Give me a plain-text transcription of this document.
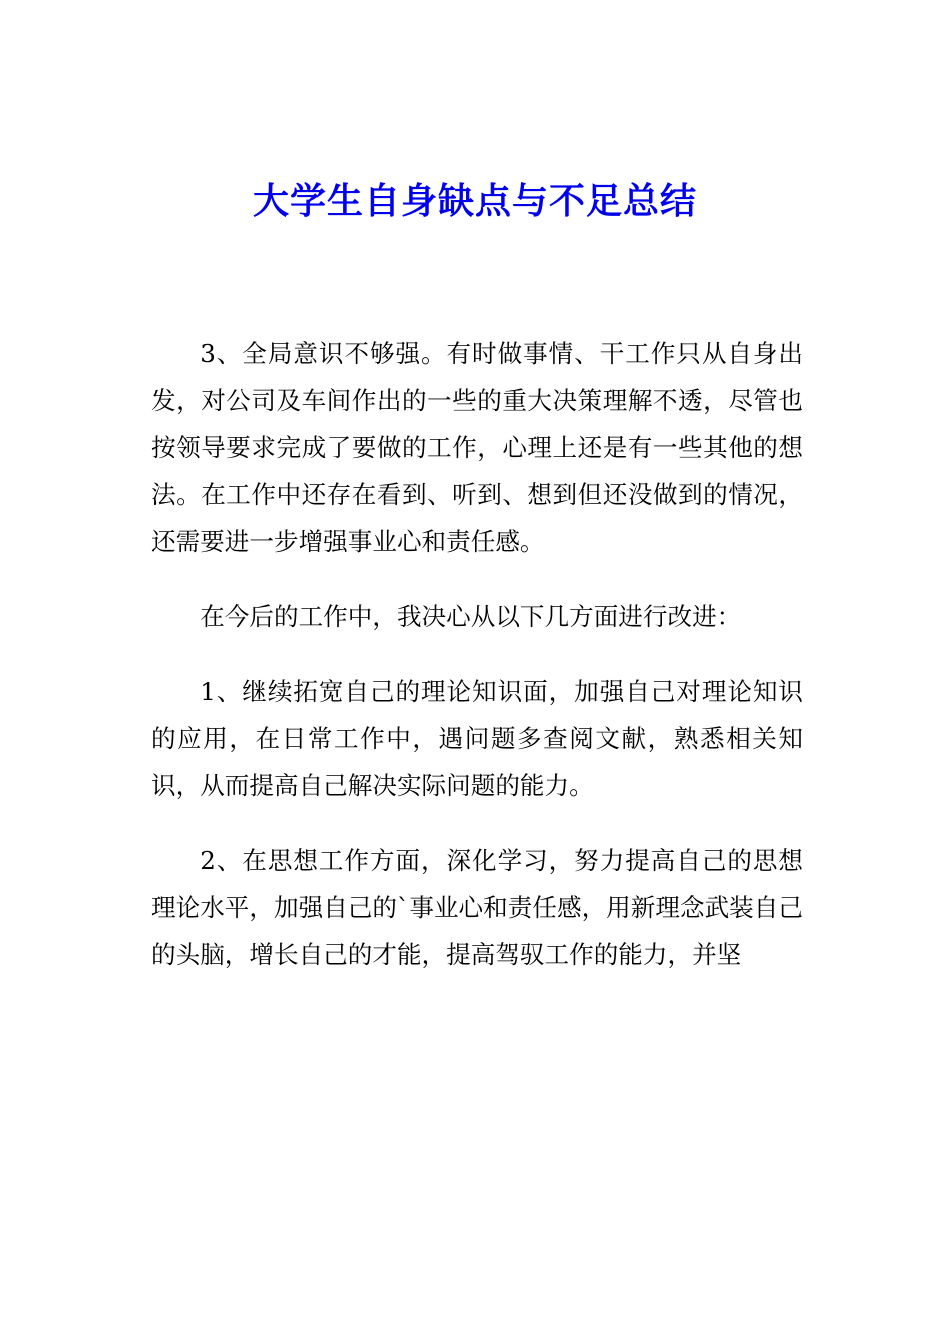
大学生自身缺点与不足总结

3、全局意识不够强。有时做事情、干工作只从自身出发，对公司及车间作出的一些的重大决策理解不透，尽管也按领导要求完成了要做的工作，心理上还是有一些其他的想法。在工作中还存在看到、听到、想到但还没做到的情况，还需要进一步增强事业心和责任感。

在今后的工作中，我决心从以下几方面进行改进：

1、继续拓宽自己的理论知识面，加强自己对理论知识的应用，在日常工作中，遇问题多查阅文献，熟悉相关知识，从而提高自己解决实际问题的能力。

2、在思想工作方面，深化学习，努力提高自己的思想理论水平，加强自己的`事业心和责任感，用新理念武装自己的头脑，增长自己的才能，提高驾驭工作的能力，并坚
